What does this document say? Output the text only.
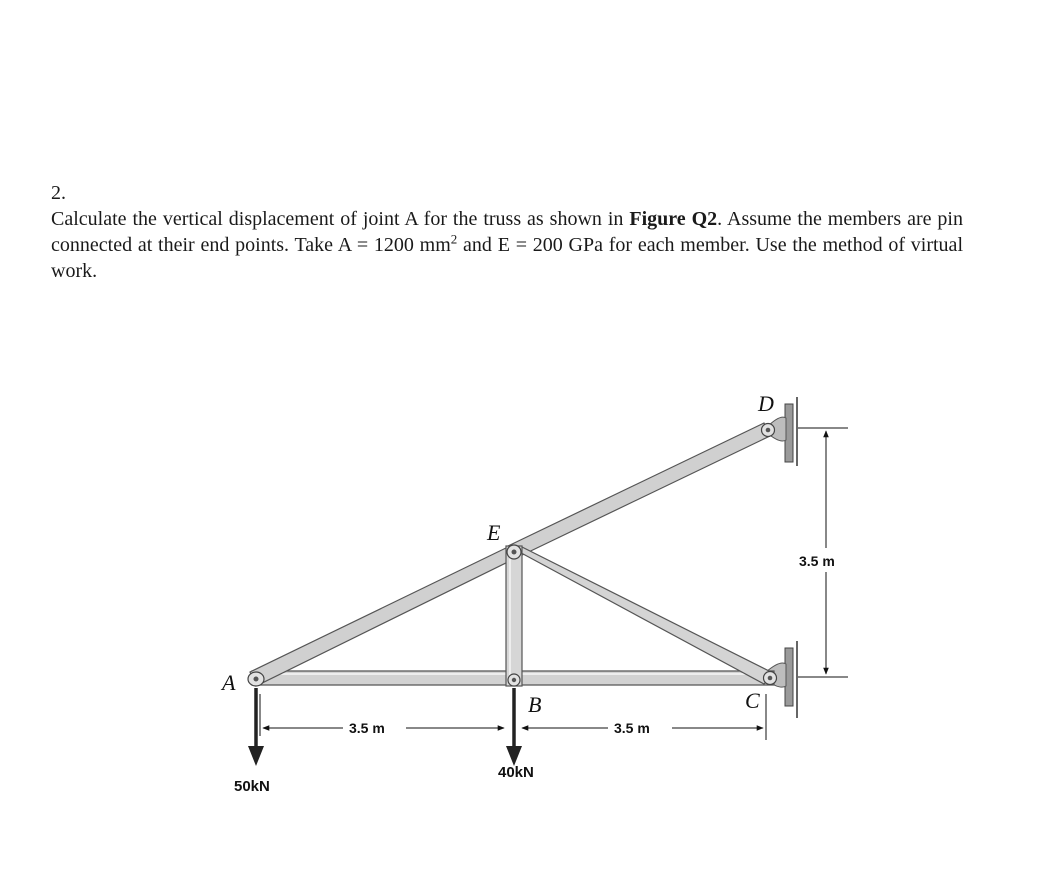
2.
Calculate the vertical displacement of joint A for the truss as shown in Figure Q2. Assume the members are pin connected at their end points. Take A = 1200 $mm^2$ and E = 200 GPa for each member. Use the method of virtual work.
A
E
B
D
C
3.5 m	3.5 m
3.5 m
50kN
40kN
